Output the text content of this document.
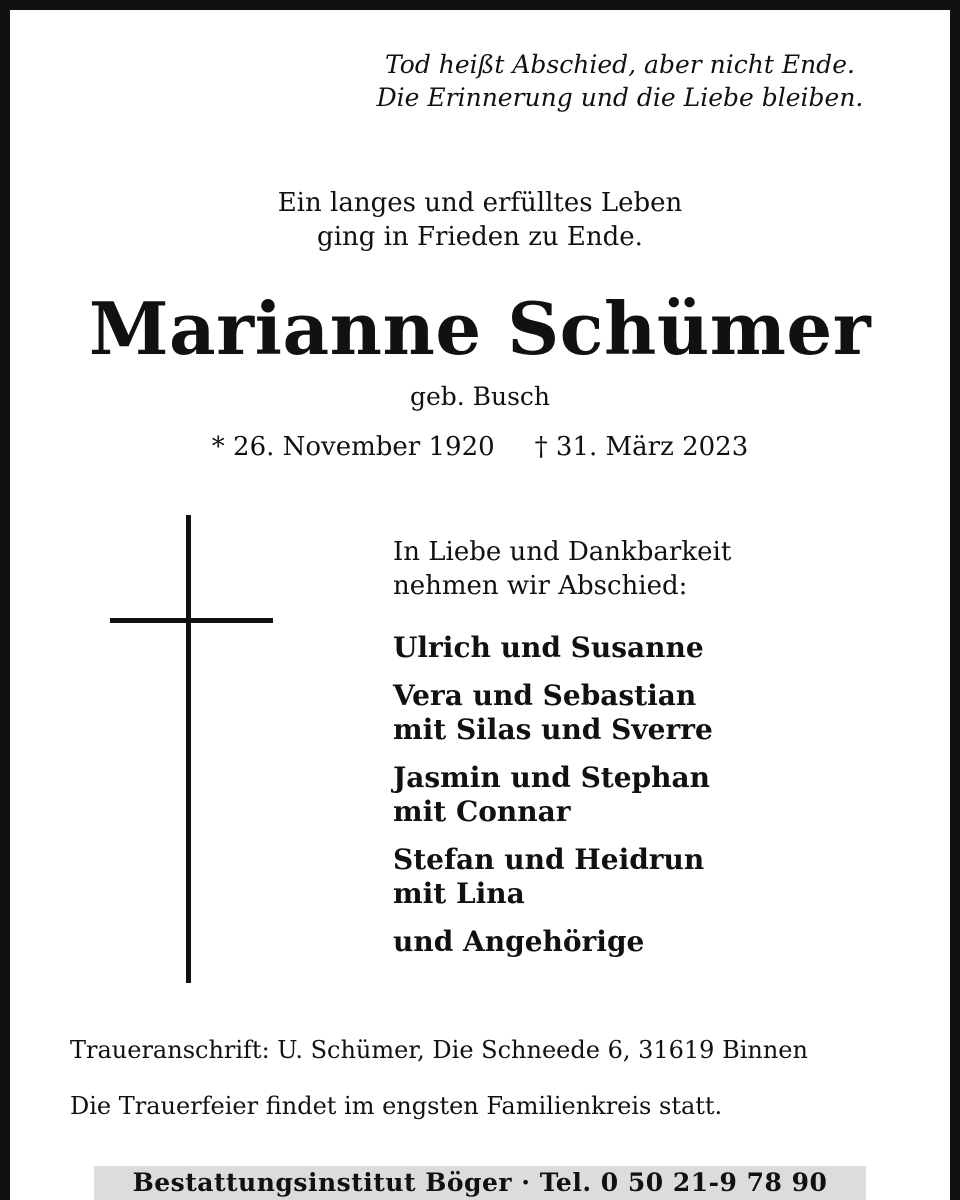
Tod heißt Abschied, aber nicht Ende.
Die Erinnerung und die Liebe bleiben.
Ein langes und erfülltes Leben
ging in Frieden zu Ende.
Marianne Schümer
geb. Busch
* 26. November 1920 † 31. März 2023
In Liebe und Dankbarkeit
nehmen wir Abschied:
Ulrich und Susanne
Vera und Sebastian
mit Silas und Sverre
Jasmin und Stephan
mit Connar
Stefan und Heidrun
mit Lina
und Angehörige
Traueranschrift: U. Schümer, Die Schneede 6, 31619 Binnen
Die Trauerfeier findet im engsten Familienkreis statt.
Bestattungsinstitut Böger · Tel. 0 50 21-9 78 90
